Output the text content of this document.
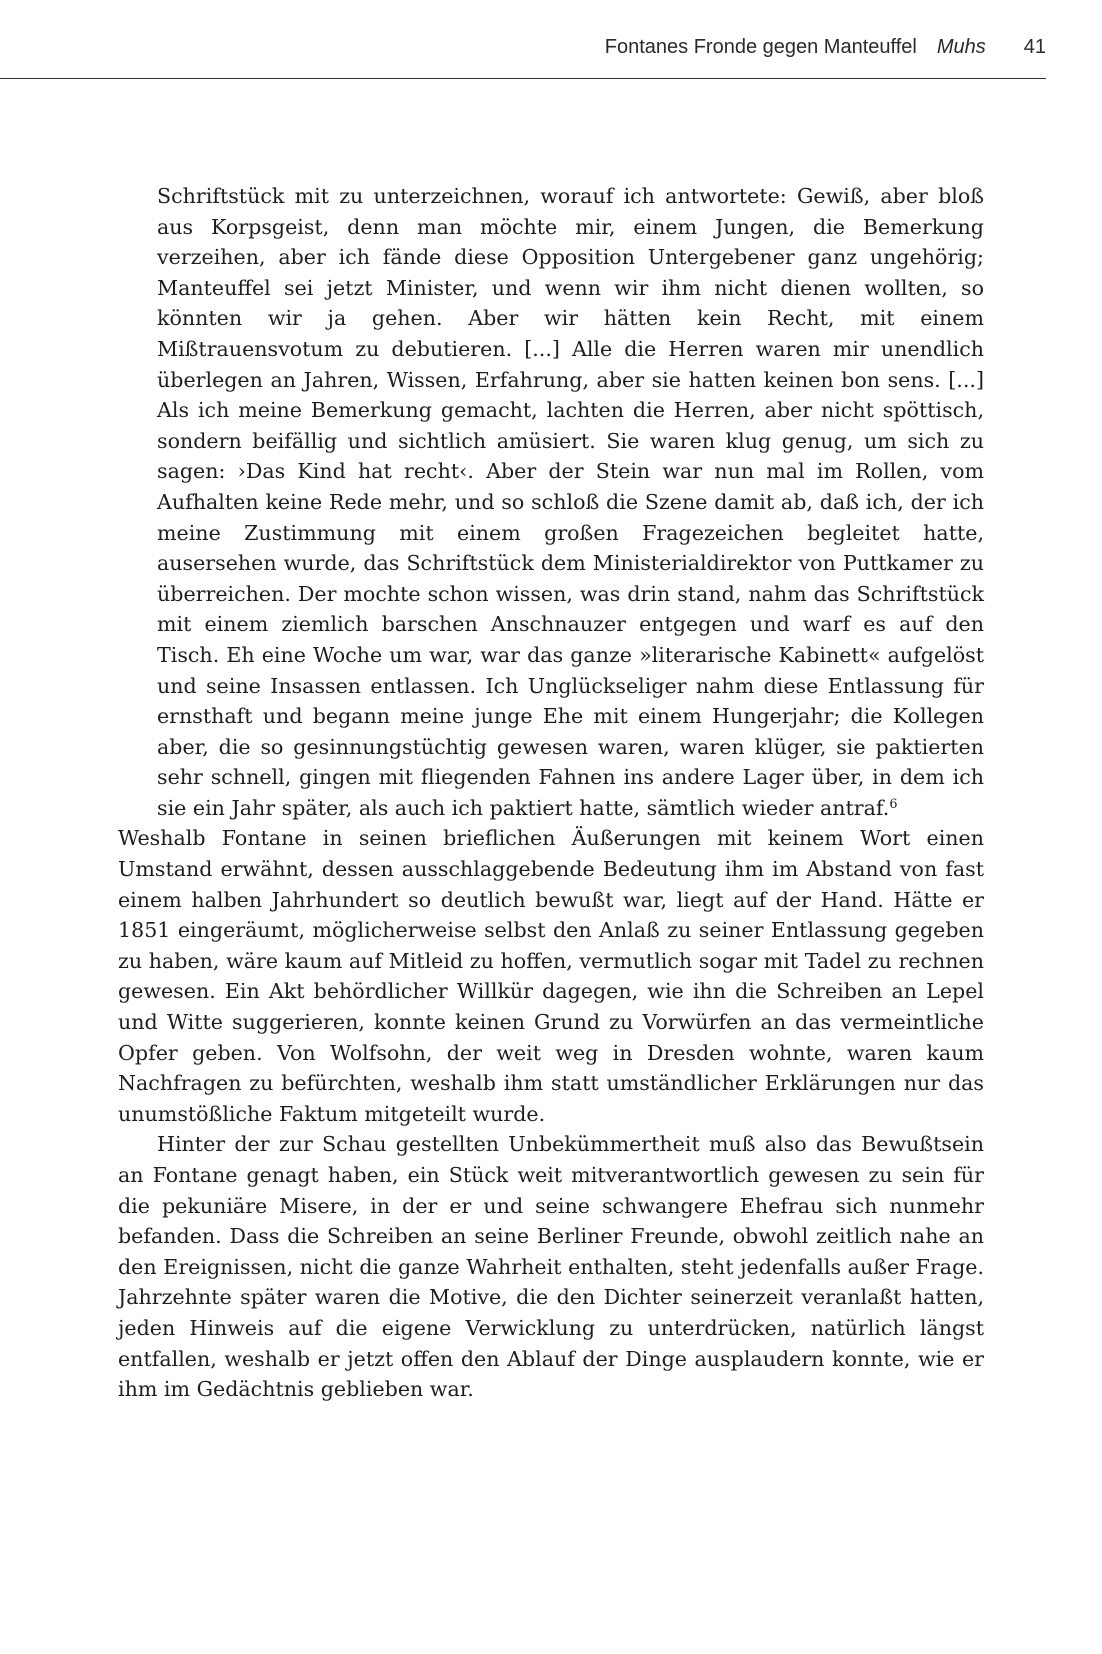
Fontanes Fronde gegen Manteuffel Muhs 41

Schriftstück mit zu unterzeichnen, worauf ich antwortete: Gewiß, aber bloß aus Korpsgeist, denn man möchte mir, einem Jungen, die Bemerkung verzeihen, aber ich fände diese Opposition Untergebener ganz ungehörig; Manteuffel sei jetzt Minister, und wenn wir ihm nicht dienen wollten, so könnten wir ja gehen. Aber wir hätten kein Recht, mit einem Mißtrauensvotum zu debutieren. [...] Alle die Herren waren mir unendlich überlegen an Jahren, Wissen, Erfahrung, aber sie hatten keinen bon sens. [...] Als ich meine Bemerkung gemacht, lachten die Herren, aber nicht spöttisch, sondern beifällig und sichtlich amüsiert. Sie waren klug genug, um sich zu sagen: ›Das Kind hat recht‹. Aber der Stein war nun mal im Rollen, vom Aufhalten keine Rede mehr, und so schloß die Szene damit ab, daß ich, der ich meine Zustimmung mit einem großen Fragezeichen begleitet hatte, ausersehen wurde, das Schriftstück dem Ministerialdirektor von Puttkamer zu überreichen. Der mochte schon wissen, was drin stand, nahm das Schriftstück mit einem ziemlich barschen Anschnauzer entgegen und warf es auf den Tisch. Eh eine Woche um war, war das ganze »literarische Kabinett« aufgelöst und seine Insassen entlassen. Ich Unglückseliger nahm diese Entlassung für ernsthaft und begann meine junge Ehe mit einem Hungerjahr; die Kollegen aber, die so gesinnungstüchtig gewesen waren, waren klüger, sie paktierten sehr schnell, gingen mit fliegenden Fahnen ins andere Lager über, in dem ich sie ein Jahr später, als auch ich paktiert hatte, sämtlich wieder antraf.$^6$

Weshalb Fontane in seinen brieflichen Äußerungen mit keinem Wort einen Umstand erwähnt, dessen ausschlaggebende Bedeutung ihm im Abstand von fast einem halben Jahrhundert so deutlich bewußt war, liegt auf der Hand. Hätte er 1851 eingeräumt, möglicherweise selbst den Anlaß zu seiner Entlassung gegeben zu haben, wäre kaum auf Mitleid zu hoffen, vermutlich sogar mit Tadel zu rechnen gewesen. Ein Akt behördlicher Willkür dagegen, wie ihn die Schreiben an Lepel und Witte suggerieren, konnte keinen Grund zu Vorwürfen an das vermeintliche Opfer geben. Von Wolfsohn, der weit weg in Dresden wohnte, waren kaum Nachfragen zu befürchten, weshalb ihm statt umständlicher Erklärungen nur das unumstößliche Faktum mitgeteilt wurde.

Hinter der zur Schau gestellten Unbekümmertheit muß also das Bewußtsein an Fontane genagt haben, ein Stück weit mitverantwortlich gewesen zu sein für die pekuniäre Misere, in der er und seine schwangere Ehefrau sich nunmehr befanden. Dass die Schreiben an seine Berliner Freunde, obwohl zeitlich nahe an den Ereignissen, nicht die ganze Wahrheit enthalten, steht jedenfalls außer Frage. Jahrzehnte später waren die Motive, die den Dichter seinerzeit veranlaßt hatten, jeden Hinweis auf die eigene Verwicklung zu unterdrücken, natürlich längst entfallen, weshalb er jetzt offen den Ablauf der Dinge ausplaudern konnte, wie er ihm im Gedächtnis geblieben war.
